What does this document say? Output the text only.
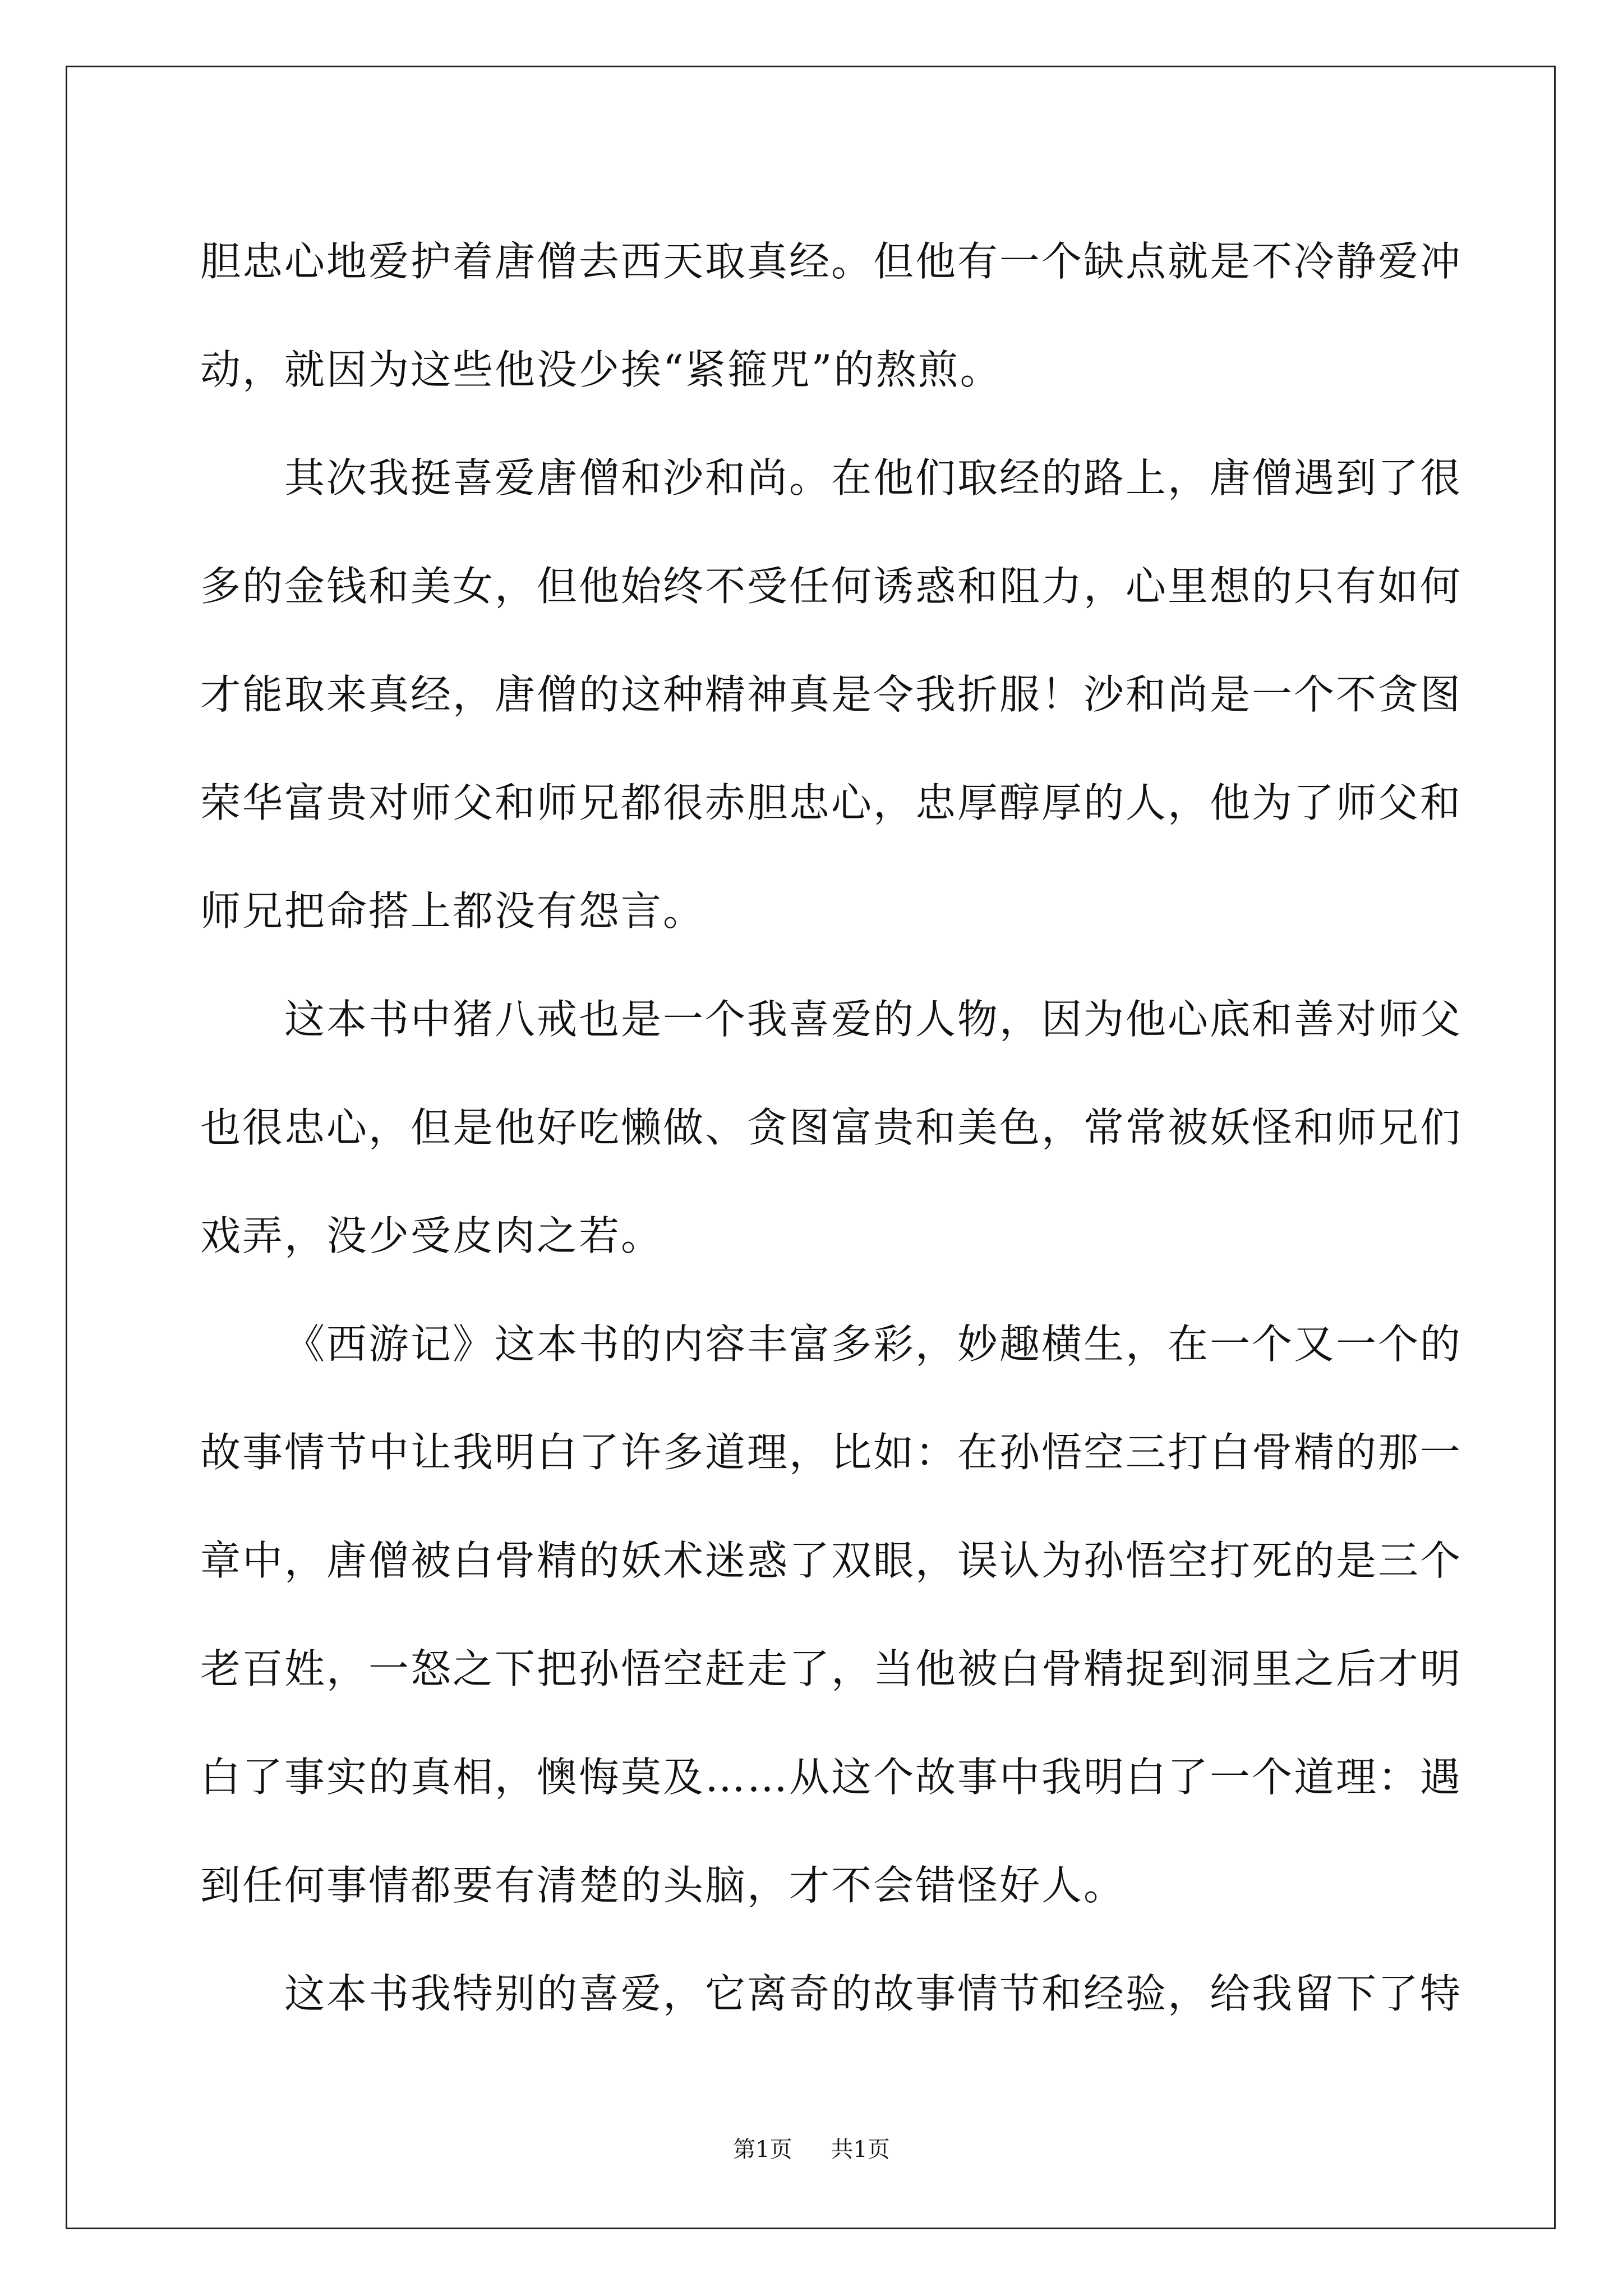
胆忠心地爱护着唐僧去西天取真经。但他有一个缺点就是不冷静爱冲
动，就因为这些他没少挨“紧箍咒”的熬煎。
其次我挺喜爱唐僧和沙和尚。在他们取经的路上，唐僧遇到了很
多的金钱和美女，但他始终不受任何诱惑和阻力，心里想的只有如何
才能取来真经，唐僧的这种精神真是令我折服！沙和尚是一个不贪图
荣华富贵对师父和师兄都很赤胆忠心，忠厚醇厚的人，他为了师父和
师兄把命搭上都没有怨言。
这本书中猪八戒也是一个我喜爱的人物，因为他心底和善对师父
也很忠心，但是他好吃懒做、贪图富贵和美色，常常被妖怪和师兄们
戏弄，没少受皮肉之若。
《西游记》这本书的内容丰富多彩，妙趣横生，在一个又一个的
故事情节中让我明白了许多道理，比如：在孙悟空三打白骨精的那一
章中，唐僧被白骨精的妖术迷惑了双眼，误认为孙悟空打死的是三个
老百姓，一怒之下把孙悟空赶走了，当他被白骨精捉到洞里之后才明
白了事实的真相，懊悔莫及……从这个故事中我明白了一个道理：遇
到任何事情都要有清楚的头脑，才不会错怪好人。
这本书我特别的喜爱，它离奇的故事情节和经验，给我留下了特
第1页 共1页
